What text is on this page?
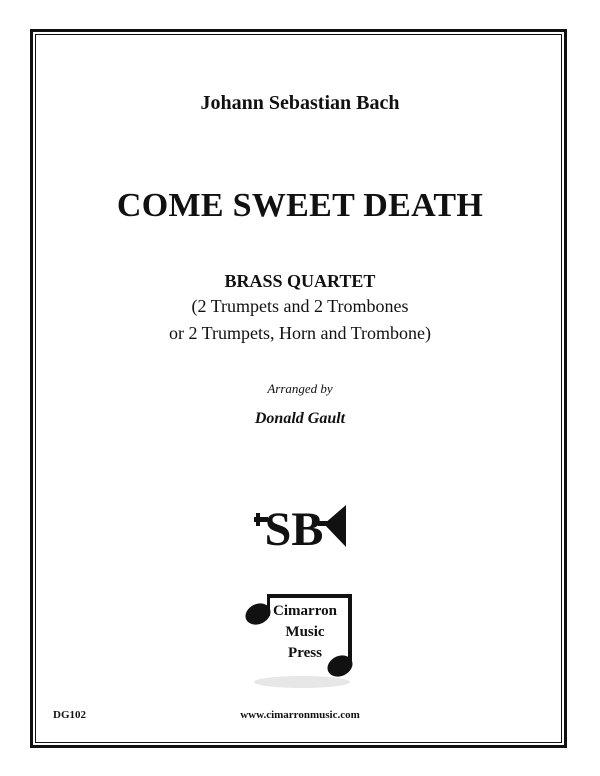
Johann Sebastian Bach
COME SWEET DEATH
BRASS QUARTET
(2 Trumpets and 2 Trombones
or 2 Trumpets, Horn and Trombone)
Arranged by
Donald Gault
SB
Cimarron
Music
Press
DG102	www.cimarronmusic.com
